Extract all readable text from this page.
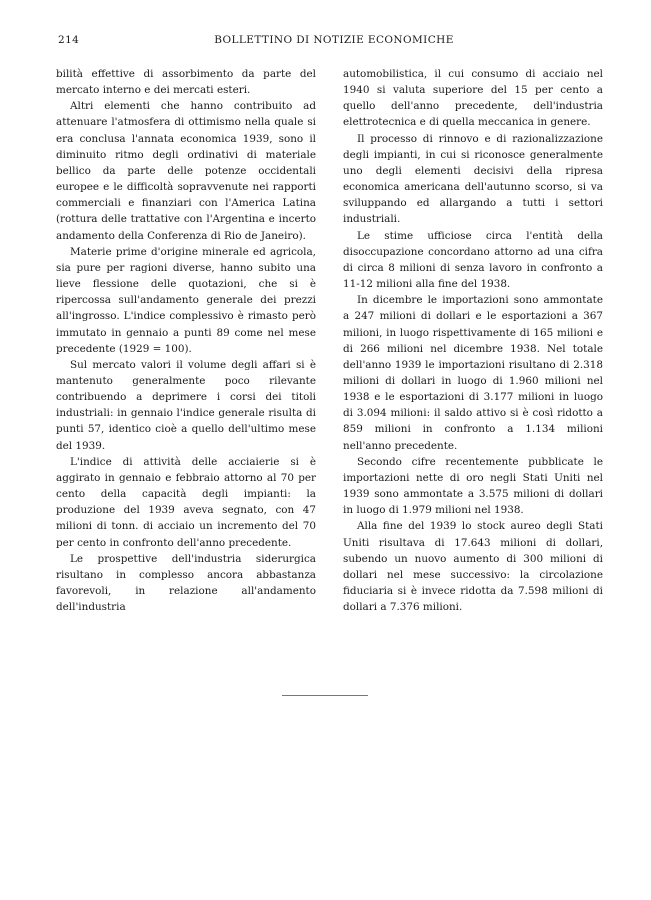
214	BOLLETTINO DI NOTIZIE ECONOMICHE

bilità effettive di assorbimento da parte del mercato interno e dei mercati esteri.

Altri elementi che hanno contribuito ad attenuare l'atmosfera di ottimismo nella quale si era conclusa l'annata economica 1939, sono il diminuito ritmo degli ordinativi di materiale bellico da parte delle potenze occidentali europee e le difficoltà sopravvenute nei rapporti commerciali e finanziari con l'America Latina (rottura delle trattative con l'Argentina e incerto andamento della Conferenza di Rio de Janeiro).

Materie prime d'origine minerale ed agricola, sia pure per ragioni diverse, hanno subito una lieve flessione delle quotazioni, che si è ripercossa sull'andamento generale dei prezzi all'ingrosso. L'indice complessivo è rimasto però immutato in gennaio a punti 89 come nel mese precedente (1929 = 100).

Sul mercato valori il volume degli affari si è mantenuto generalmente poco rilevante contribuendo a deprimere i corsi dei titoli industriali: in gennaio l'indice generale risulta di punti 57, identico cioè a quello dell'ultimo mese del 1939.

L'indice di attività delle acciaierie si è aggirato in gennaio e febbraio attorno al 70 per cento della capacità degli impianti: la produzione del 1939 aveva segnato, con 47 milioni di tonn. di acciaio un incremento del 70 per cento in confronto dell'anno precedente.

Le prospettive dell'industria siderurgica risultano in complesso ancora abbastanza favorevoli, in relazione all'andamento dell'industria

automobilistica, il cui consumo di acciaio nel 1940 si valuta superiore del 15 per cento a quello dell'anno precedente, dell'industria elettrotecnica e di quella meccanica in genere.

Il processo di rinnovo e di razionalizzazione degli impianti, in cui si riconosce generalmente uno degli elementi decisivi della ripresa economica americana dell'autunno scorso, si va sviluppando ed allargando a tutti i settori industriali.

Le stime ufficiose circa l'entità della disoccupazione concordano attorno ad una cifra di circa 8 milioni di senza lavoro in confronto a 11-12 milioni alla fine del 1938.

In dicembre le importazioni sono ammontate a 247 milioni di dollari e le esportazioni a 367 milioni, in luogo rispettivamente di 165 milioni e di 266 milioni nel dicembre 1938. Nel totale dell'anno 1939 le importazioni risultano di 2.318 milioni di dollari in luogo di 1.960 milioni nel 1938 e le esportazioni di 3.177 milioni in luogo di 3.094 milioni: il saldo attivo si è così ridotto a 859 milioni in confronto a 1.134 milioni nell'anno precedente.

Secondo cifre recentemente pubblicate le importazioni nette di oro negli Stati Uniti nel 1939 sono ammontate a 3.575 milioni di dollari in luogo di 1.979 milioni nel 1938.

Alla fine del 1939 lo stock aureo degli Stati Uniti risultava di 17.643 milioni di dollari, subendo un nuovo aumento di 300 milioni di dollari nel mese successivo: la circolazione fiduciaria si è invece ridotta da 7.598 milioni di dollari a 7.376 milioni.
